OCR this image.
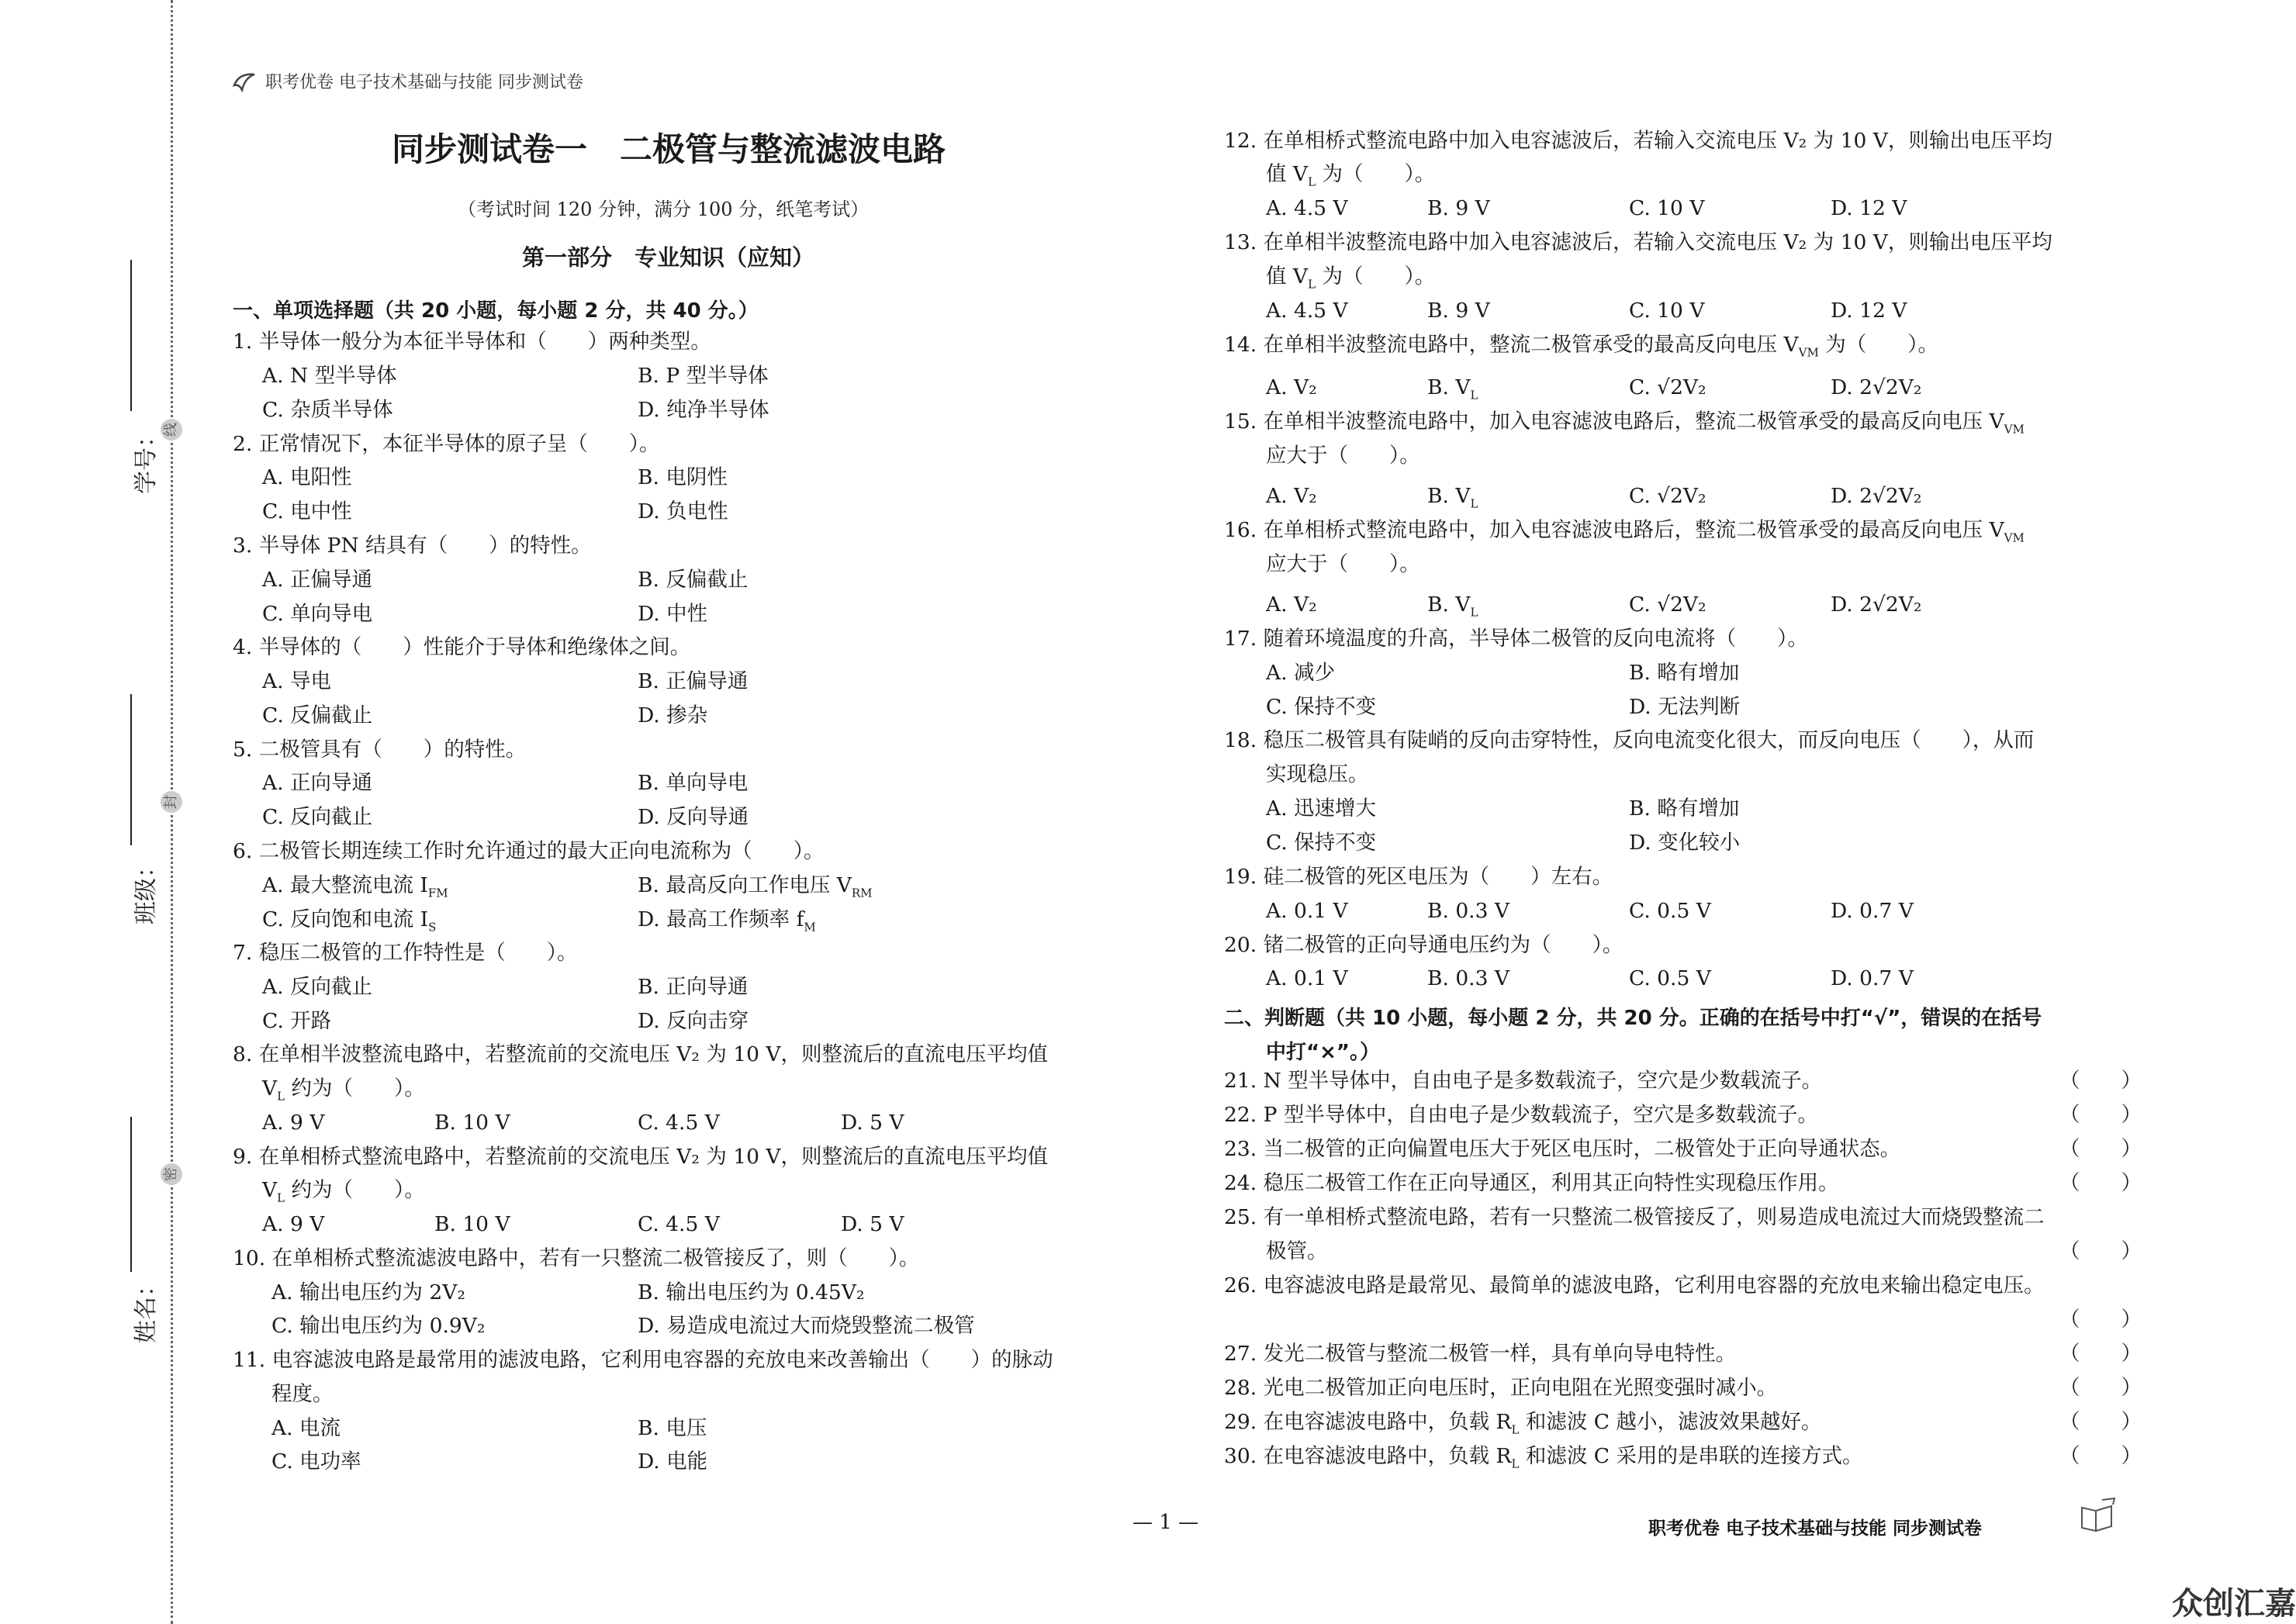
学号：
班级：
姓名：
线
封
密
职考优卷 电子技术基础与技能 同步测试卷
同步测试卷一　二极管与整流滤波电路
（考试时间 120 分钟，满分 100 分，纸笔考试）
第一部分　专业知识（应知）
一、单项选择题（共 20 小题，每小题 2 分，共 40 分。）
1. 半导体一般分为本征半导体和（　　）两种类型。
A. N 型半导体	B. P 型半导体
C. 杂质半导体	D. 纯净半导体
2. 正常情况下，本征半导体的原子呈（　　）。
A. 电阳性	B. 电阴性
C. 电中性	D. 负电性
3. 半导体 PN 结具有（　　）的特性。
A. 正偏导通	B. 反偏截止
C. 单向导电	D. 中性
4. 半导体的（　　）性能介于导体和绝缘体之间。
A. 导电	B. 正偏导通
C. 反偏截止	D. 掺杂
5. 二极管具有（　　）的特性。
A. 正向导通	B. 单向导电
C. 反向截止	D. 反向导通
6. 二极管长期连续工作时允许通过的最大正向电流称为（　　）。
A. 最大整流电流 $I_{FM}$	B. 最高反向工作电压 $V_{RM}$
C. 反向饱和电流 $I_S$	D. 最高工作频率 $f_M$
7. 稳压二极管的工作特性是（　　）。
A. 反向截止	B. 正向导通
C. 开路	D. 反向击穿
8. 在单相半波整流电路中，若整流前的交流电压 V₂ 为 10 V，则整流后的直流电压平均值
$V_L$ 约为（　　）。
A. 9 V	B. 10 V	C. 4.5 V	D. 5 V
9. 在单相桥式整流电路中，若整流前的交流电压 V₂ 为 10 V，则整流后的直流电压平均值
$V_L$ 约为（　　）。
A. 9 V	B. 10 V	C. 4.5 V	D. 5 V
10. 在单相桥式整流滤波电路中，若有一只整流二极管接反了，则（　　）。
A. 输出电压约为 2V₂	B. 输出电压约为 0.45V₂
C. 输出电压约为 0.9V₂	D. 易造成电流过大而烧毁整流二极管
11. 电容滤波电路是最常用的滤波电路，它利用电容器的充放电来改善输出（　　）的脉动
程度。
A. 电流	B. 电压
C. 电功率	D. 电能
12. 在单相桥式整流电路中加入电容滤波后，若输入交流电压 V₂ 为 10 V，则输出电压平均
值 $V_L$ 为（　　）。
A. 4.5 V	B. 9 V	C. 10 V	D. 12 V
13. 在单相半波整流电路中加入电容滤波后，若输入交流电压 V₂ 为 10 V，则输出电压平均
值 $V_L$ 为（　　）。
A. 4.5 V	B. 9 V	C. 10 V	D. 12 V
14. 在单相半波整流电路中，整流二极管承受的最高反向电压 $V_{VM}$ 为（　　）。
A. V₂	B. $V_L$	C. √2V₂	D. 2√2V₂
15. 在单相半波整流电路中，加入电容滤波电路后，整流二极管承受的最高反向电压 $V_{VM}$
应大于（　　）。
A. V₂	B. $V_L$	C. √2V₂	D. 2√2V₂
16. 在单相桥式整流电路中，加入电容滤波电路后，整流二极管承受的最高反向电压 $V_{VM}$
应大于（　　）。
A. V₂	B. $V_L$	C. √2V₂	D. 2√2V₂
17. 随着环境温度的升高，半导体二极管的反向电流将（　　）。
A. 减少	B. 略有增加
C. 保持不变	D. 无法判断
18. 稳压二极管具有陡峭的反向击穿特性，反向电流变化很大，而反向电压（　　），从而
实现稳压。
A. 迅速增大	B. 略有增加
C. 保持不变	D. 变化较小
19. 硅二极管的死区电压为（　　）左右。
A. 0.1 V	B. 0.3 V	C. 0.5 V	D. 0.7 V
20. 锗二极管的正向导通电压约为（　　）。
A. 0.1 V	B. 0.3 V	C. 0.5 V	D. 0.7 V
二、判断题（共 10 小题，每小题 2 分，共 20 分。正确的在括号中打“√”，错误的在括号
中打“×”。）
21. N 型半导体中，自由电子是多数载流子，空穴是少数载流子。	（　　）
22. P 型半导体中，自由电子是少数载流子，空穴是多数载流子。	（　　）
23. 当二极管的正向偏置电压大于死区电压时，二极管处于正向导通状态。	（　　）
24. 稳压二极管工作在正向导通区，利用其正向特性实现稳压作用。	（　　）
25. 有一单相桥式整流电路，若有一只整流二极管接反了，则易造成电流过大而烧毁整流二
极管。	（　　）
26. 电容滤波电路是最常见、最简单的滤波电路，它利用电容器的充放电来输出稳定电压。
（　　）
27. 发光二极管与整流二极管一样，具有单向导电特性。	（　　）
28. 光电二极管加正向电压时，正向电阻在光照变强时减小。	（　　）
29. 在电容滤波电路中，负载 $R_L$ 和滤波 C 越小，滤波效果越好。	（　　）
30. 在电容滤波电路中，负载 $R_L$ 和滤波 C 采用的是串联的连接方式。	（　　）
— 1 —	职考优卷 电子技术基础与技能 同步测试卷
众创汇嘉
